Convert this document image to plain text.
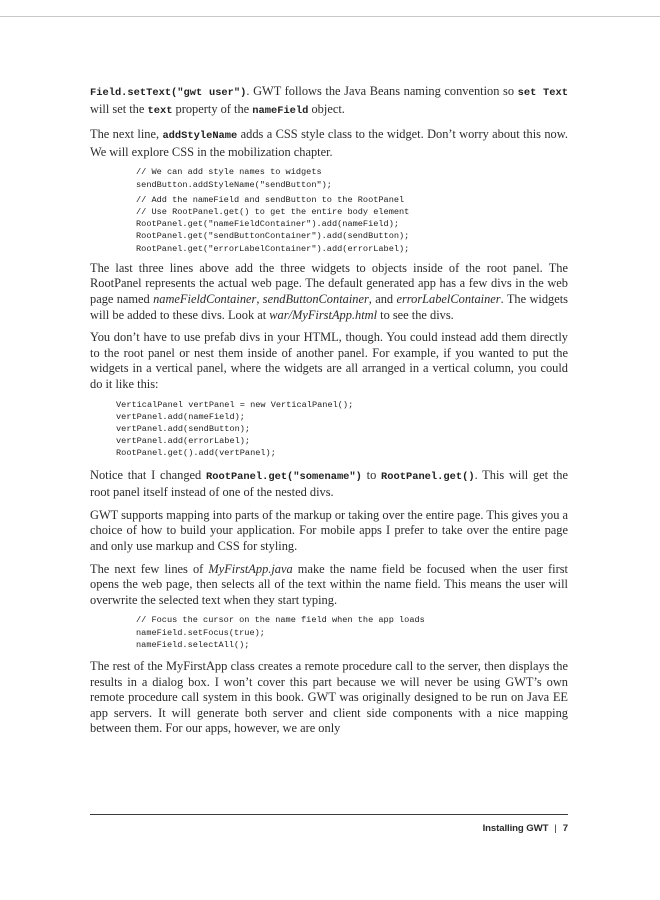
Field.setText("gwt user"). GWT follows the Java Beans naming convention so set Text will set the text property of the nameField object.

The next line, addStyleName adds a CSS style class to the widget. Don’t worry about this now. We will explore CSS in the mobilization chapter.

// We can add style names to widgets
sendButton.addStyleName("sendButton");
// Add the nameField and sendButton to the RootPanel
// Use RootPanel.get() to get the entire body element
RootPanel.get("nameFieldContainer").add(nameField);
RootPanel.get("sendButtonContainer").add(sendButton);
RootPanel.get("errorLabelContainer").add(errorLabel);

The last three lines above add the three widgets to objects inside of the root panel. The RootPanel represents the actual web page. The default generated app has a few divs in the web page named nameFieldContainer, sendButtonContainer, and errorLabelContainer. The widgets will be added to these divs. Look at war/MyFirstApp.html to see the divs.

You don’t have to use prefab divs in your HTML, though. You could instead add them directly to the root panel or nest them inside of another panel. For example, if you wanted to put the widgets in a vertical panel, where the widgets are all arranged in a vertical column, you could do it like this:

VerticalPanel vertPanel = new VerticalPanel();
vertPanel.add(nameField);
vertPanel.add(sendButton);
vertPanel.add(errorLabel);
RootPanel.get().add(vertPanel);

Notice that I changed RootPanel.get("somename") to RootPanel.get(). This will get the root panel itself instead of one of the nested divs.

GWT supports mapping into parts of the markup or taking over the entire page. This gives you a choice of how to build your application. For mobile apps I prefer to take over the entire page and only use markup and CSS for styling.

The next few lines of MyFirstApp.java make the name field be focused when the user first opens the web page, then selects all of the text within the name field. This means the user will overwrite the selected text when they start typing.

// Focus the cursor on the name field when the app loads
nameField.setFocus(true);
nameField.selectAll();

The rest of the MyFirstApp class creates a remote procedure call to the server, then displays the results in a dialog box. I won’t cover this part because we will never be using GWT’s own remote procedure call system in this book. GWT was originally designed to be run on Java EE app servers. It will generate both server and client side components with a nice mapping between them. For our apps, however, we are only

Installing GWT | 7
